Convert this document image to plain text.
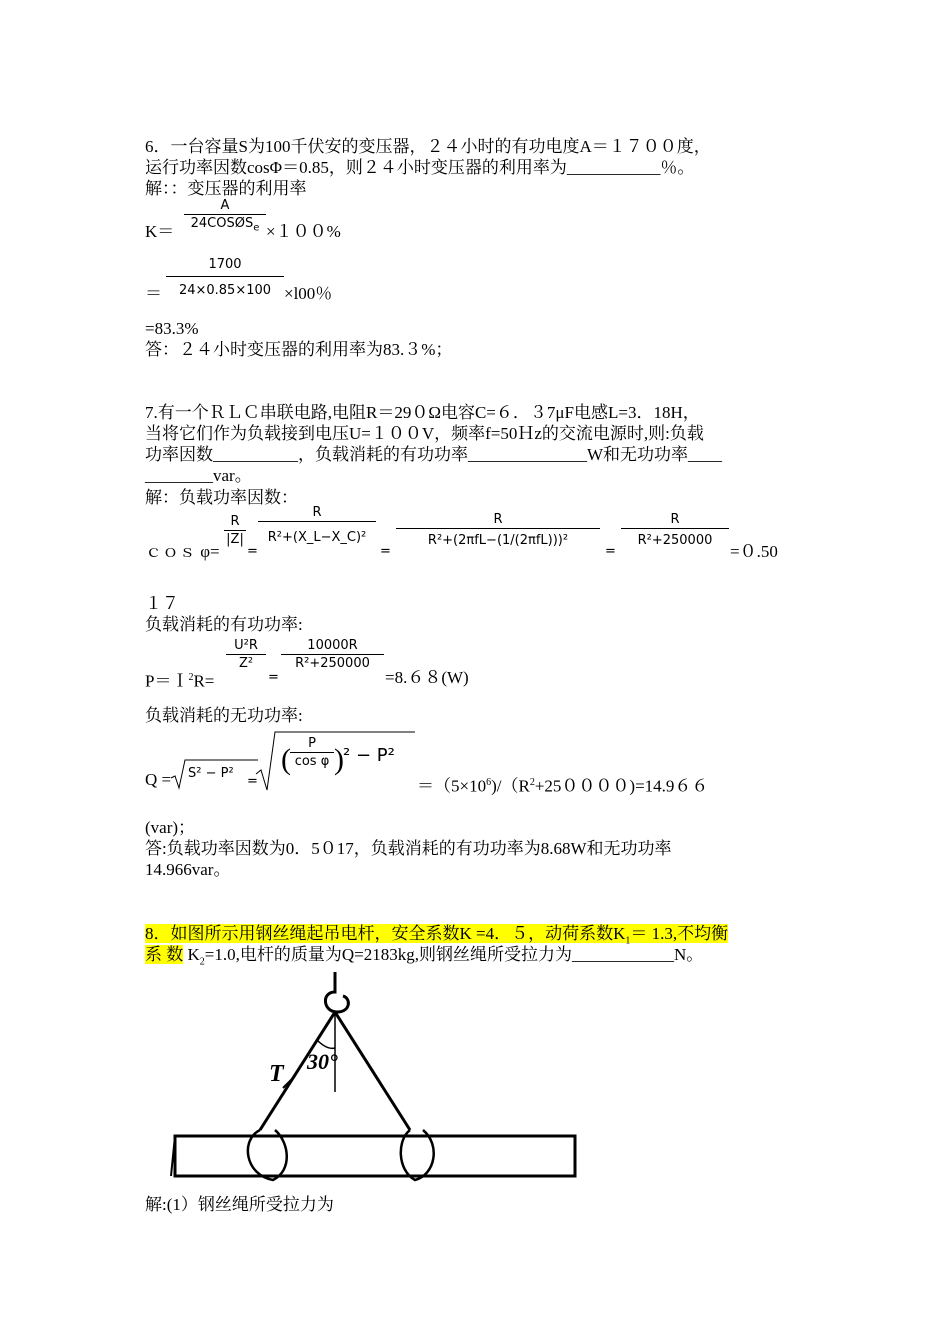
6．一台容量S为100千伏安的变压器，２４小时的有功电度A＝１７００度，
运行功率因数cosΦ＝0.85，则２４小时变压器的利用率为___________％。
解：：变压器的利用率
K＝
A
$24COSØS_e \times 100\%$
＝ $\frac{1700}{24\times 0.85\times 100} \times l00$％
=83.3%
答：２４小时变压器的利用率为83.３%；
7.有一个ＲＬＣ串联电路,电阻R＝29０Ω电容C=６．３7μF电感L=3．18H，
当将它们作为负载接到电压U=１００V，频率f=50Ｈz的交流电源时,则:负载
功率因数__________，负载消耗的有功功率______________W和无功功率____
________var。
解：负载功率因数：
ｃｏｓ φ=
$\frac{R}{|Z|}$
=
$\frac{R}{\text{R²+(X\_L−X\_C)²}}$
=
R
R²+(2πfL−(1/(2πfL)))²
=
$\frac{R}{\text{R²+250000}}$
=０.50
１７
负载消耗的有功功率:
P＝Ｉ$^2$R=
$\frac{\text{U²R}}{\text{Z²}}$
=
$\frac{10000R}{\text{R²+250000}}$
=8.６８(W)
负载消耗的无功功率:
Q = S² − P²
=
( $\frac{P}{\text{cos φ}}$ ) ² − P²
$=(5\times 10^6)/(R^2+250000)=14.966$
(var)；
答:负载功率因数为0．5０17，负载消耗的有功功率为8.68W和无功功率
14.966var。
8．如图所示用钢丝绳起吊电杆，安全系数K =4．５，动荷系数$K_1= 1.3$,不均衡
系 数 $K_2=1.0$,电杆的质量为Q=2183kg,则钢丝绳所受拉力为____________N。
30°
T
解:(1）钢丝绳所受拉力为
